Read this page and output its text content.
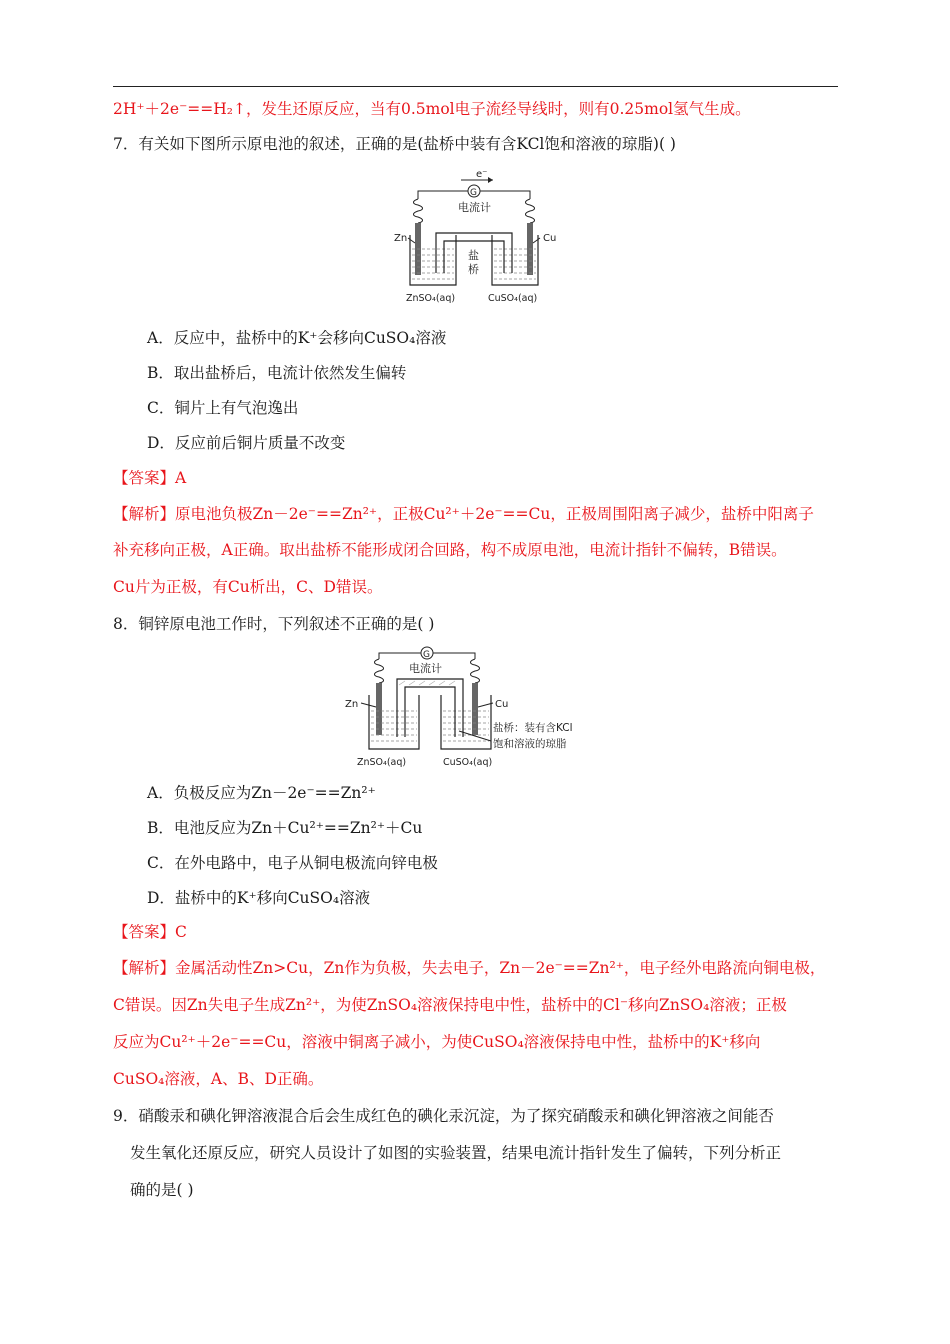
2H⁺＋2e⁻==H₂↑，发生还原反应，当有0.5mol电子流经导线时，则有0.25mol氢气生成。
7．有关如下图所示原电池的叙述，正确的是(盐桥中装有含KCl饱和溶液的琼脂)( )
e⁻
G
电流计
Zn	Cu
盐
桥
ZnSO₄(aq)	CuSO₄(aq)
A．反应中，盐桥中的K⁺会移向CuSO₄溶液
B．取出盐桥后，电流计依然发生偏转
C．铜片上有气泡逸出
D．反应前后铜片质量不改变
【答案】A
【解析】原电池负极Zn－2e⁻==Zn²⁺，正极Cu²⁺＋2e⁻==Cu，正极周围阳离子减少，盐桥中阳离子
补充移向正极，A正确。取出盐桥不能形成闭合回路，构不成原电池，电流计指针不偏转，B错误。
Cu片为正极，有Cu析出，C、D错误。
8．铜锌原电池工作时，下列叙述不正确的是( )
G
电流计
Zn	Cu
盐桥：装有含KCl
饱和溶液的琼脂
ZnSO₄(aq)	CuSO₄(aq)
A．负极反应为Zn－2e⁻==Zn²⁺
B．电池反应为Zn＋Cu²⁺==Zn²⁺＋Cu
C．在外电路中，电子从铜电极流向锌电极
D．盐桥中的K⁺移向CuSO₄溶液
【答案】C
【解析】金属活动性Zn>Cu，Zn作为负极，失去电子，Zn－2e⁻==Zn²⁺，电子经外电路流向铜电极，
C错误。因Zn失电子生成Zn²⁺，为使ZnSO₄溶液保持电中性，盐桥中的Cl⁻移向ZnSO₄溶液；正极
反应为Cu²⁺＋2e⁻==Cu，溶液中铜离子减小，为使CuSO₄溶液保持电中性，盐桥中的K⁺移向
CuSO₄溶液，A、B、D正确。
9．硝酸汞和碘化钾溶液混合后会生成红色的碘化汞沉淀，为了探究硝酸汞和碘化钾溶液之间能否
发生氧化还原反应，研究人员设计了如图的实验装置，结果电流计指针发生了偏转，下列分析正
确的是( )
